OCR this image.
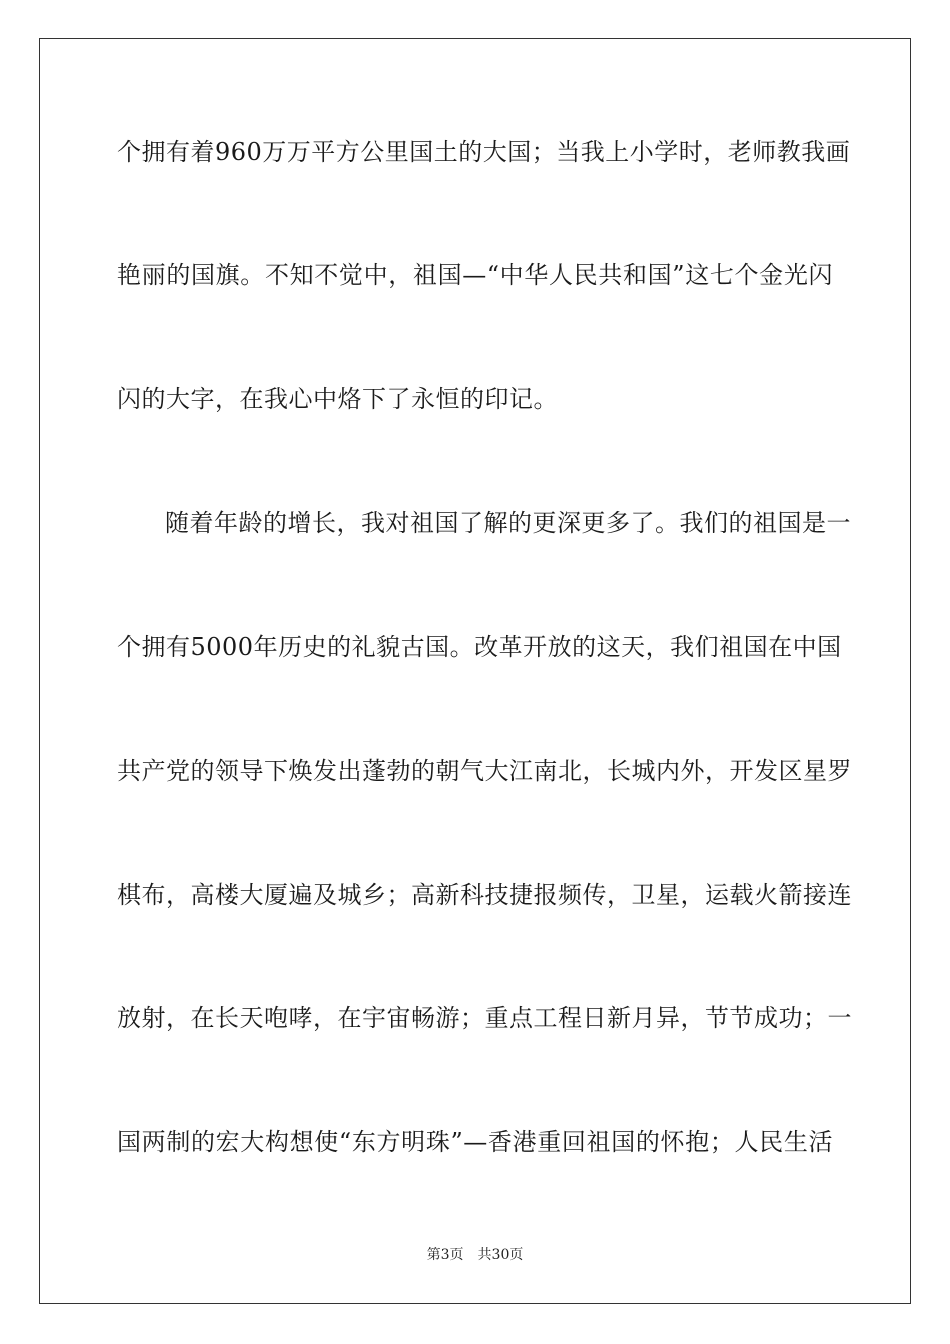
个拥有着960万万平方公里国土的大国；当我上小学时，老师教我画
艳丽的国旗。不知不觉中，祖国—“中华人民共和国”这七个金光闪
闪的大字，在我心中烙下了永恒的印记。
随着年龄的增长，我对祖国了解的更深更多了。我们的祖国是一
个拥有5000年历史的礼貌古国。改革开放的这天，我们祖国在中国
共产党的领导下焕发出蓬勃的朝气大江南北，长城内外，开发区星罗
棋布，高楼大厦遍及城乡；高新科技捷报频传，卫星，运载火箭接连
放射，在长天咆哮，在宇宙畅游；重点工程日新月异，节节成功；一
国两制的宏大构想使“东方明珠”—香港重回祖国的怀抱；人民生活
第3页 共30页
